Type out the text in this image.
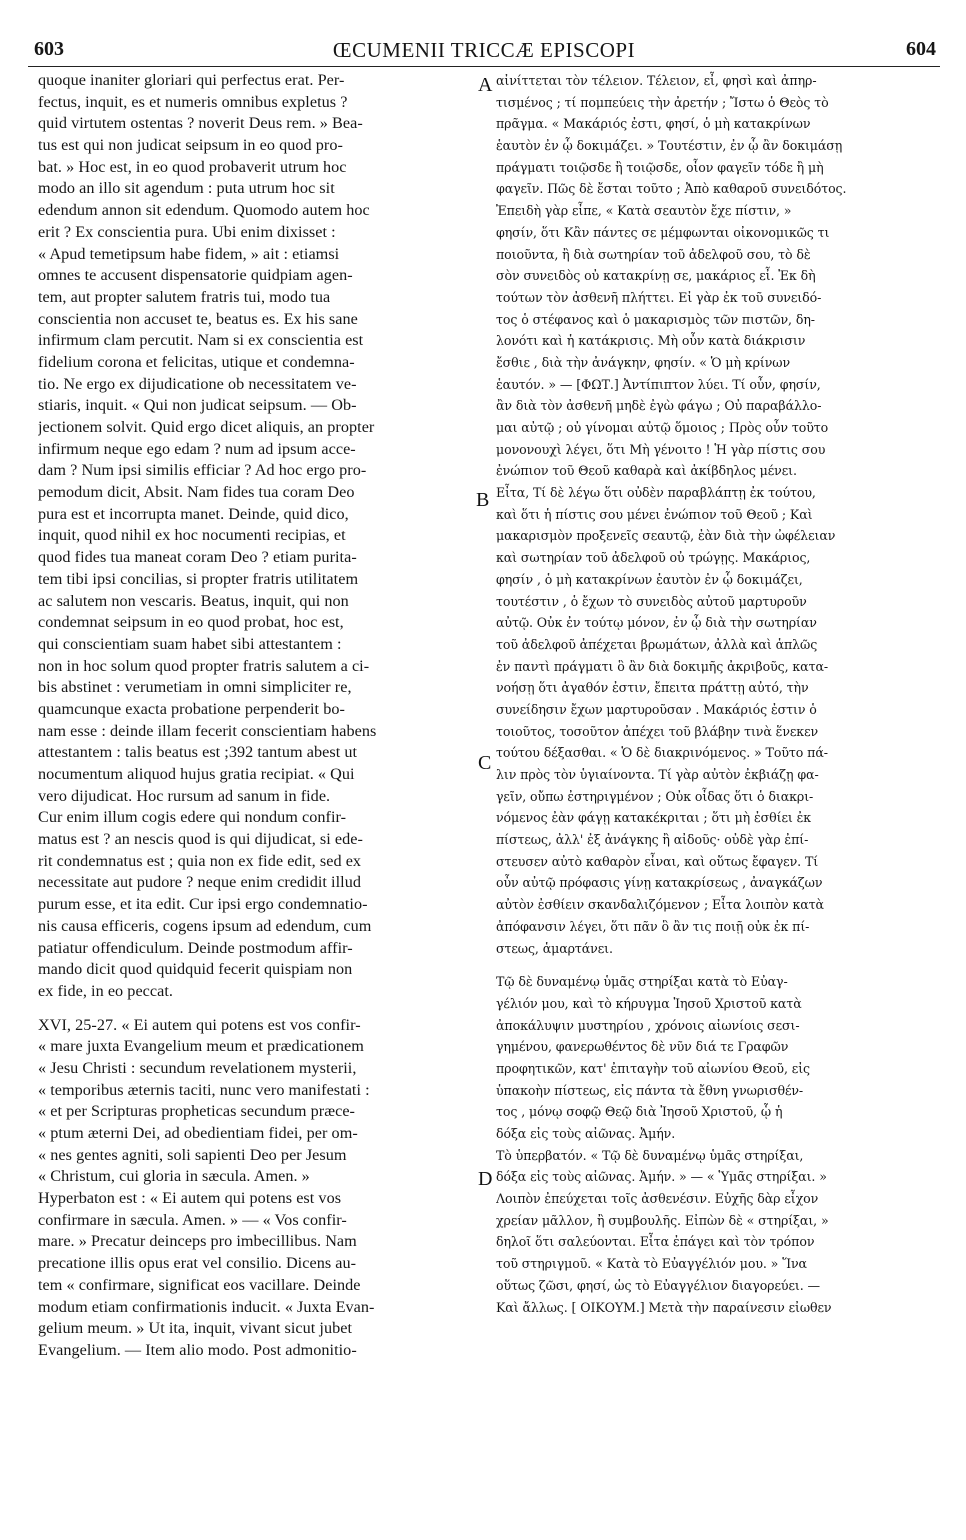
603	ŒCUMENII TRICCÆ EPISCOPI	604
A
B
C
D
quoque inaniter gloriari qui perfectus erat. Per-
fectus, inquit, es et numeris omnibus expletus ?
quid virtutem ostentas ? noverit Deus rem. » Bea-
tus est qui non judicat seipsum in eo quod pro-
bat. » Hoc est, in eo quod probaverit utrum hoc
modo an illo sit agendum : puta utrum hoc sit
edendum annon sit edendum. Quomodo autem hoc
erit ? Ex conscientia pura. Ubi enim dixisset :
« Apud temetipsum habe fidem, » ait : etiamsi
omnes te accusent dispensatorie quidpiam agen-
tem, aut propter salutem fratris tui, modo tua
conscientia non accuset te, beatus es. Ex his sane
infirmum clam percutit. Nam si ex conscientia est
fidelium corona et felicitas, utique et condemna-
tio. Ne ergo ex dijudicatione ob necessitatem ve-
stiaris, inquit. « Qui non judicat seipsum. — Ob-
jectionem solvit. Quid ergo dicet aliquis, an propter
infirmum neque ego edam ? num ad ipsum acce-
dam ? Num ipsi similis efficiar ? Ad hoc ergo pro-
pemodum dicit, Absit. Nam fides tua coram Deo
pura est et incorrupta manet. Deinde, quid dico,
inquit, quod nihil ex hoc nocumenti recipias, et
quod fides tua maneat coram Deo ? etiam purita-
tem tibi ipsi concilias, si propter fratris utilitatem
ac salutem non vescaris. Beatus, inquit, qui non
condemnat seipsum in eo quod probat, hoc est,
qui conscientiam suam habet sibi attestantem :
non in hoc solum quod propter fratris salutem a ci-
bis abstinet : verumetiam in omni simpliciter re,
quamcunque exacta probatione perpenderit bo-
nam esse : deinde illam fecerit conscientiam habens
attestantem : talis beatus est ;392 tantum abest ut
nocumentum aliquod hujus gratia recipiat. « Qui
vero dijudicat. Hoc rursum ad sanum in fide.
Cur enim illum cogis edere qui nondum confir-
matus est ? an nescis quod is qui dijudicat, si ede-
rit condemnatus est ; quia non ex fide edit, sed ex
necessitate aut pudore ? neque enim credidit illud
purum esse, et ita edit. Cur ipsi ergo condemnatio-
nis causa efficeris, cogens ipsum ad edendum, cum
patiatur offendiculum. Deinde postmodum affir-
mando dicit quod quidquid fecerit quispiam non
ex fide, in eo peccat.
XVI, 25-27. « Ei autem qui potens est vos confir-
« mare juxta Evangelium meum et prædicationem
« Jesu Christi : secundum revelationem mysterii,
« temporibus æternis taciti, nunc vero manifestati :
« et per Scripturas propheticas secundum præce-
« ptum æterni Dei, ad obedientiam fidei, per om-
« nes gentes agniti, soli sapienti Deo per Jesum
« Christum, cui gloria in sæcula. Amen. »
Hyperbaton est : « Ei autem qui potens est vos
confirmare in sæcula. Amen. » — « Vos confir-
mare. » Precatur deinceps pro imbecillibus. Nam
precatione illis opus erat vel consilio. Dicens au-
tem « confirmare, significat eos vacillare. Deinde
modum etiam confirmationis inducit. « Juxta Evan-
gelium meum. » Ut ita, inquit, vivant sicut jubet
Evangelium. — Item alio modo. Post admonitio-
αἰνίττεται τὸν τέλειον. Τέλειον, εἶ, φησὶ καὶ ἀπηρ-
τισμένος ; τί πομπεύεις τὴν ἀρετήν ; Ἴστω ὁ Θεὸς τὸ
πρᾶγμα. « Μακάριός ἐστι, φησί, ὁ μὴ κατακρίνων
ἑαυτὸν ἐν ᾧ δοκιμάζει. » Τουτέστιν, ἐν ᾧ ἂν δοκιμάσῃ
πράγματι τοιῷσδε ἢ τοιῷσδε, οἷον φαγεῖν τόδε ἢ μὴ
φαγεῖν. Πῶς δὲ ἔσται τοῦτο ; Ἀπὸ καθαροῦ συνειδότος.
Ἐπειδὴ γὰρ εἶπε, « Κατὰ σεαυτὸν ἔχε πίστιν, »
φησίν, ὅτι Κἂν πάντες σε μέμφωνται οἰκονομικῶς τι
ποιοῦντα, ἢ διὰ σωτηρίαν τοῦ ἀδελφοῦ σου, τὸ δὲ
σὸν συνειδὸς οὐ κατακρίνῃ σε, μακάριος εἶ. Ἐκ δὴ
τούτων τὸν ἀσθενῆ πλήττει. Εἰ γὰρ ἐκ τοῦ συνειδό-
τος ὁ στέφανος καὶ ὁ μακαρισμὸς τῶν πιστῶν, δη-
λονότι καὶ ἡ κατάκρισις. Μὴ οὖν κατὰ διάκρισιν
ἔσθιε , διὰ τὴν ἀνάγκην, φησίν. « Ὁ μὴ κρίνων
ἑαυτόν. » — [ΦΩΤ.] Ἀντίπιπτον λύει. Τί οὖν, φησίν,
ἂν διὰ τὸν ἀσθενῆ μηδὲ ἐγὼ φάγω ; Οὐ παραβάλλο-
μαι αὐτῷ ; οὐ γίνομαι αὐτῷ ὅμοιος ; Πρὸς οὖν τοῦτο
μονονουχὶ λέγει, ὅτι Μὴ γένοιτο ! Ἡ γὰρ πίστις σου
ἐνώπιον τοῦ Θεοῦ καθαρὰ καὶ ἀκίβδηλος μένει.
Εἶτα, Τί δὲ λέγω ὅτι οὐδὲν παραβλάπτῃ ἐκ τούτου,
καὶ ὅτι ἡ πίστις σου μένει ἐνώπιον τοῦ Θεοῦ ; Καὶ
μακαρισμὸν προξενεῖς σεαυτῷ, ἐὰν διὰ τὴν ὠφέλειαν
καὶ σωτηρίαν τοῦ ἀδελφοῦ οὐ τρώγῃς. Μακάριος,
φησίν , ὁ μὴ κατακρίνων ἑαυτὸν ἐν ᾧ δοκιμάζει,
τουτέστιν , ὁ ἔχων τὸ συνειδὸς αὐτοῦ μαρτυροῦν
αὐτῷ. Οὐκ ἐν τούτῳ μόνον, ἐν ᾧ διὰ τὴν σωτηρίαν
τοῦ ἀδελφοῦ ἀπέχεται βρωμάτων, ἀλλὰ καὶ ἁπλῶς
ἐν παντὶ πράγματι ὃ ἂν διὰ δοκιμῆς ἀκριβοῦς, κατα-
νοήσῃ ὅτι ἀγαθόν ἐστιν, ἔπειτα πράττῃ αὐτό, τὴν
συνείδησιν ἔχων μαρτυροῦσαν . Μακάριός ἐστιν ὁ
τοιοῦτος, τοσοῦτον ἀπέχει τοῦ βλάβην τινὰ ἕνεκεν
τούτου δέξασθαι. « Ὁ δὲ διακρινόμενος. » Τοῦτο πά-
λιν πρὸς τὸν ὑγιαίνοντα. Τί γὰρ αὐτὸν ἐκβιάζῃ φα-
γεῖν, οὔπω ἐστηριγμένον ; Οὐκ οἶδας ὅτι ὁ διακρι-
νόμενος ἐὰν φάγῃ κατακέκριται ; ὅτι μὴ ἐσθίει ἐκ
πίστεως, ἀλλ' ἐξ ἀνάγκης ἢ αἰδοῦς· οὐδὲ γὰρ ἐπί-
στευσεν αὐτὸ καθαρὸν εἶναι, καὶ οὕτως ἔφαγεν. Τί
οὖν αὐτῷ πρόφασις γίνῃ κατακρίσεως , ἀναγκάζων
αὐτὸν ἐσθίειν σκανδαλιζόμενον ; Εἶτα λοιπὸν κατὰ
ἀπόφανσιν λέγει, ὅτι πᾶν ὃ ἂν τις ποιῇ οὐκ ἐκ πί-
στεως, ἁμαρτάνει.
Τῷ δὲ δυναμένῳ ὑμᾶς στηρίξαι κατὰ τὸ Εὐαγ-
γέλιόν μου, καὶ τὸ κήρυγμα Ἰησοῦ Χριστοῦ κατὰ
ἀποκάλυψιν μυστηρίου , χρόνοις αἰωνίοις σεσι-
γημένου, φανερωθέντος δὲ νῦν διά τε Γραφῶν
προφητικῶν, κατ' ἐπιταγὴν τοῦ αἰωνίου Θεοῦ, εἰς
ὑπακοὴν πίστεως, εἰς πάντα τὰ ἔθνη γνωρισθέν-
τος , μόνῳ σοφῷ Θεῷ διὰ Ἰησοῦ Χριστοῦ, ᾧ ἡ
δόξα εἰς τοὺς αἰῶνας. Ἀμήν.
Τὸ ὑπερβατόν. « Τῷ δὲ δυναμένῳ ὑμᾶς στηρίξαι,
δόξα εἰς τοὺς αἰῶνας. Ἀμήν. » — « Ὑμᾶς στηρίξαι. »
Λοιπὸν ἐπεύχεται τοῖς ἀσθενέσιν. Εὐχῆς δὰρ εἶχον
χρείαν μᾶλλον, ἢ συμβουλῆς. Εἰπὼν δὲ « στηρίξαι, »
δηλοῖ ὅτι σαλεύονται. Εἶτα ἐπάγει καὶ τὸν τρόπον
τοῦ στηριγμοῦ. « Κατὰ τὸ Εὐαγγέλιόν μου. » Ἵνα
οὕτως ζῶσι, φησί, ὡς τὸ Εὐαγγέλιον διαγορεύει. —
Καὶ ἄλλως. [ ΟΙΚΟΥΜ.] Μετὰ τὴν παραίνεσιν εἰωθεν
